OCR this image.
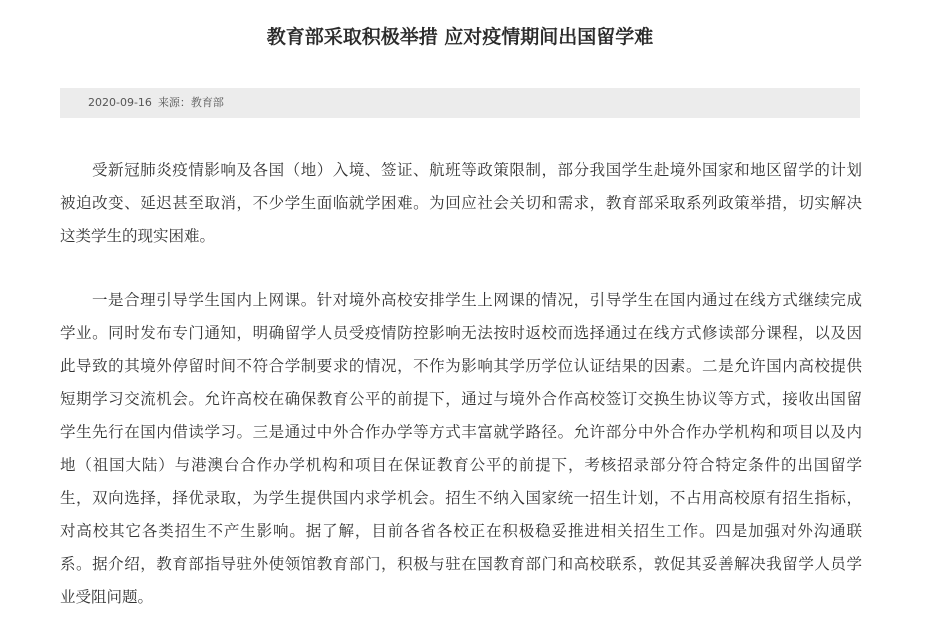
教育部采取积极举措 应对疫情期间出国留学难
2020-09-16 来源：教育部

受新冠肺炎疫情影响及各国（地）入境、签证、航班等政策限制，部分我国学生赴境外国家和地区留学的计划
被迫改变、延迟甚至取消，不少学生面临就学困难。为回应社会关切和需求，教育部采取系列政策举措，切实解决
这类学生的现实困难。

一是合理引导学生国内上网课。针对境外高校安排学生上网课的情况，引导学生在国内通过在线方式继续完成
学业。同时发布专门通知，明确留学人员受疫情防控影响无法按时返校而选择通过在线方式修读部分课程，以及因
此导致的其境外停留时间不符合学制要求的情况，不作为影响其学历学位认证结果的因素。二是允许国内高校提供
短期学习交流机会。允许高校在确保教育公平的前提下，通过与境外合作高校签订交换生协议等方式，接收出国留
学生先行在国内借读学习。三是通过中外合作办学等方式丰富就学路径。允许部分中外合作办学机构和项目以及内
地（祖国大陆）与港澳台合作办学机构和项目在保证教育公平的前提下，考核招录部分符合特定条件的出国留学
生，双向选择，择优录取，为学生提供国内求学机会。招生不纳入国家统一招生计划，不占用高校原有招生指标，
对高校其它各类招生不产生影响。据了解，目前各省各校正在积极稳妥推进相关招生工作。四是加强对外沟通联
系。据介绍，教育部指导驻外使领馆教育部门，积极与驻在国教育部门和高校联系，敦促其妥善解决我留学人员学
业受阻问题。
